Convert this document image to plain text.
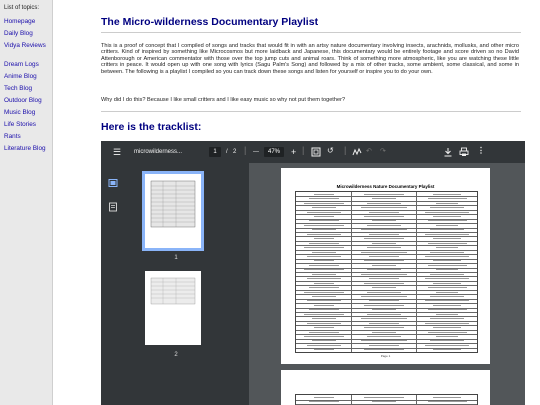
List of topics:
Homepage
Daily Blog
Vidya Reviews
Dream Logs
Anime Blog
Tech Blog
Outdoor Blog
Music Blog
Life Stories
Rants
Literature Blog
The Micro-wilderness Documentary Playlist

This is a proof of concept that I compiled of songs and tracks that would fit in with an artsy nature documentary involving insects, arachnids, mollusks, and other micro critters. Kind of inspired by something like Microcosmos but more laidback and Japanese, this documentary would be entirely footage and score driven so no David Attenborough or American commentator with those over the top jump cuts and animal roars. Think of something more atmospheric, like you are watching these little critters in peace. It would open up with one song with lyrics (Sagu Palm's Song) and followed by a mix of other tracks, some ambient, some classical, and some in between. The following is a playlist I compiled so you can track down these songs and listen for yourself or inspire you to do your own.

Why did I do this? Because I like small critters and I like easy music so why not put them together?

Here is the tracklist:
☰ microwilderness...	1	/ 2 | —	47%	+ |	↺ |	↶ ↷	⋮
1
2
Microwilderness Nature Documentary Playlist
Page 1
